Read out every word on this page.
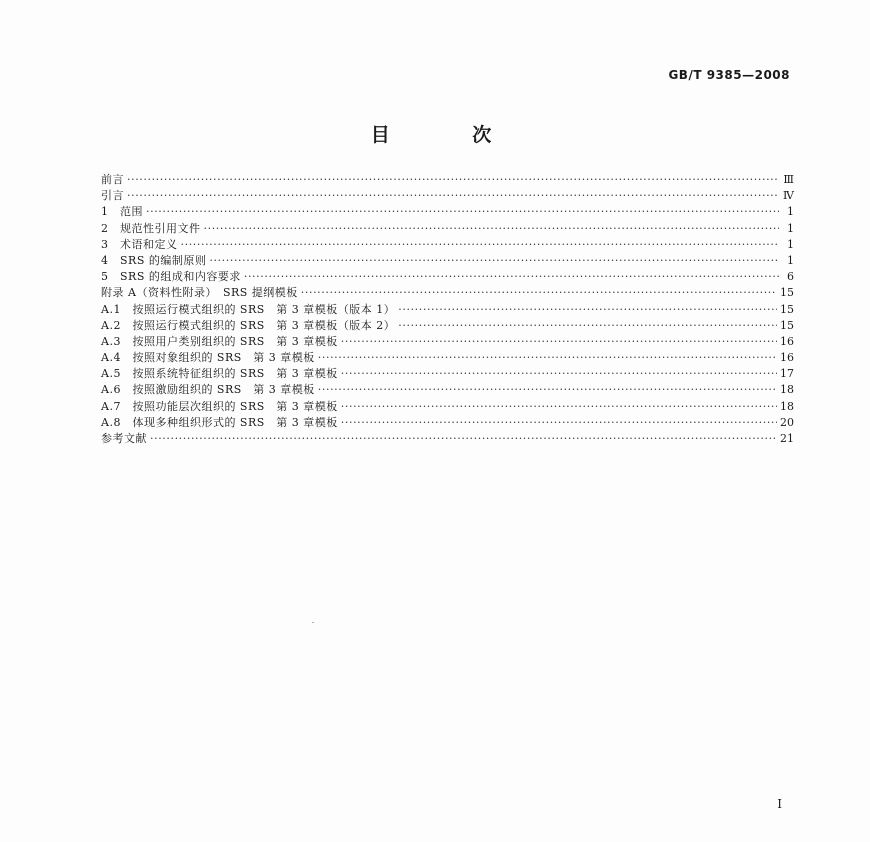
GB/T 9385—2008
目 次
前言 ·····	Ⅲ
引言 ·····	Ⅳ
1　范围 ·····	1
2　规范性引用文件 ·····	1
3　术语和定义 ·····	1
4　SRS 的编制原则 ·····	1
5　SRS 的组成和内容要求 ·····	6
附录 A（资料性附录）　SRS 提纲模板 ·····	15
A.1　按照运行模式组织的 SRS　第 3 章模板（版本 1） ·····	15
A.2　按照运行模式组织的 SRS　第 3 章模板（版本 2） ·····	15
A.3　按照用户类别组织的 SRS　第 3 章模板 ·····	16
A.4　按照对象组织的 SRS　第 3 章模板 ·····	16
A.5　按照系统特征组织的 SRS　第 3 章模板 ·····	17
A.6　按照激励组织的 SRS　第 3 章模板 ·····	18
A.7　按照功能层次组织的 SRS　第 3 章模板 ·····	18
A.8　体现多种组织形式的 SRS　第 3 章模板 ·····	20
参考文献 ·····	21
I
